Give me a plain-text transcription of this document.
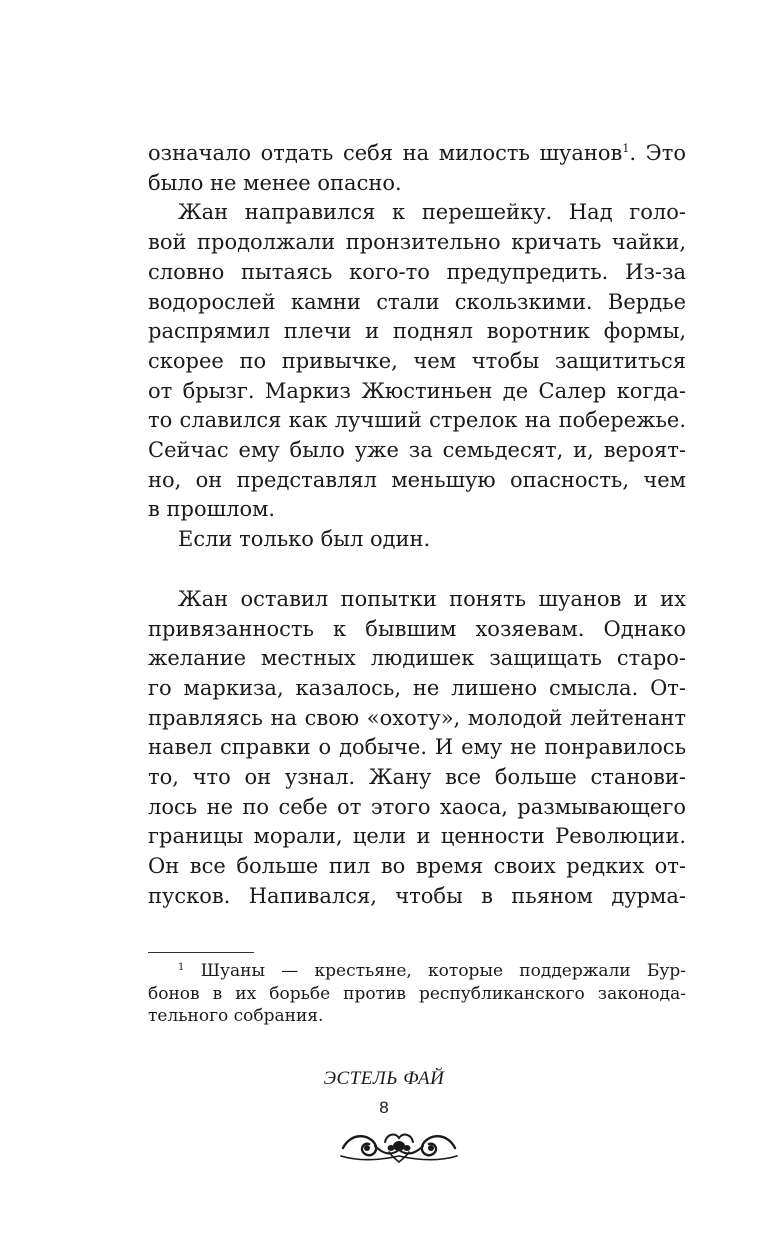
означало отдать себя на милость шуанов$^1$. Это
было не менее опасно.
Жан направился к перешейку. Над голо-
вой продолжали пронзительно кричать чайки,
словно пытаясь кого-то предупредить. Из-за
водорослей камни стали скользкими. Вердье
распрямил плечи и поднял воротник формы,
скорее по привычке, чем чтобы защититься
от брызг. Маркиз Жюстиньен де Салер когда-
то славился как лучший стрелок на побережье.
Сейчас ему было уже за семьдесят, и, вероят-
но, он представлял меньшую опасность, чем
в прошлом.
Если только был один.
Жан оставил попытки понять шуанов и их
привязанность к бывшим хозяевам. Однако
желание местных людишек защищать старо-
го маркиза, казалось, не лишено смысла. От-
правляясь на свою «охоту», молодой лейтенант
навел справки о добыче. И ему не понравилось
то, что он узнал. Жану все больше станови-
лось не по себе от этого хаоса, размывающего
границы морали, цели и ценности Революции.
Он все больше пил во время своих редких от-
пусков. Напивался, чтобы в пьяном дурма-
$^1$ Шуаны — крестьяне, которые поддержали Бур-
бонов в их борьбе против республиканского законода-
тельного собрания.
ЭСТЕЛЬ ФАЙ
8
